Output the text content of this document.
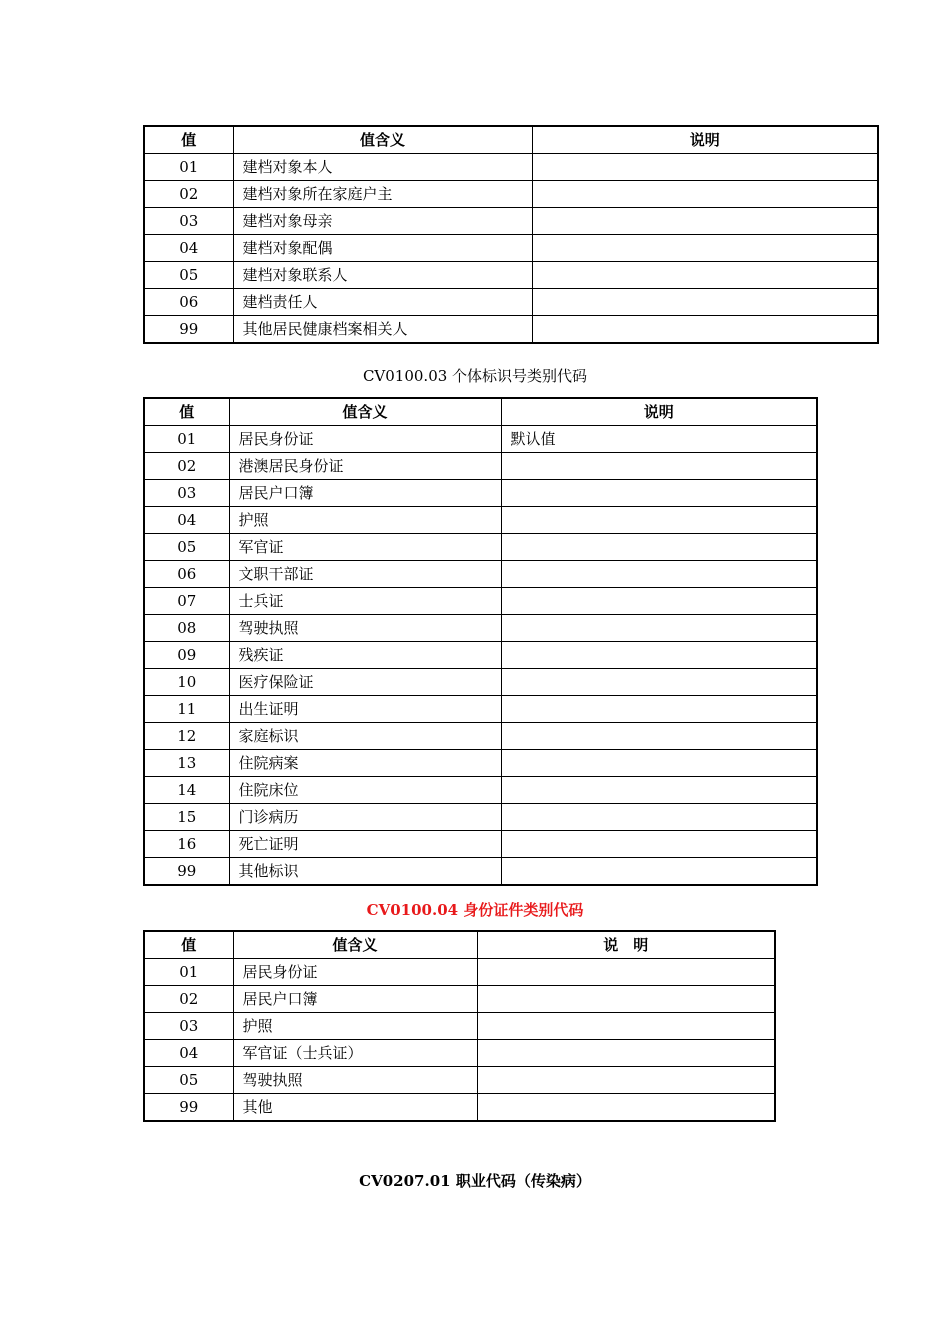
值	值含义	说明
01	建档对象本人	
02	建档对象所在家庭户主	
03	建档对象母亲	
04	建档对象配偶	
05	建档对象联系人	
06	建档责任人	
99	其他居民健康档案相关人	
CV0100.03 个体标识号类别代码
值	值含义	说明
01	居民身份证	默认值
02	港澳居民身份证	
03	居民户口簿	
04	护照	
05	军官证	
06	文职干部证	
07	士兵证	
08	驾驶执照	
09	残疾证	
10	医疗保险证	
11	出生证明	
12	家庭标识	
13	住院病案	
14	住院床位	
15	门诊病历	
16	死亡证明	
99	其他标识	
CV0100.04 身份证件类别代码
值	值含义	说　明
01	居民身份证	
02	居民户口簿	
03	护照	
04	军官证（士兵证）	
05	驾驶执照	
99	其他	
CV0207.01 职业代码（传染病）
